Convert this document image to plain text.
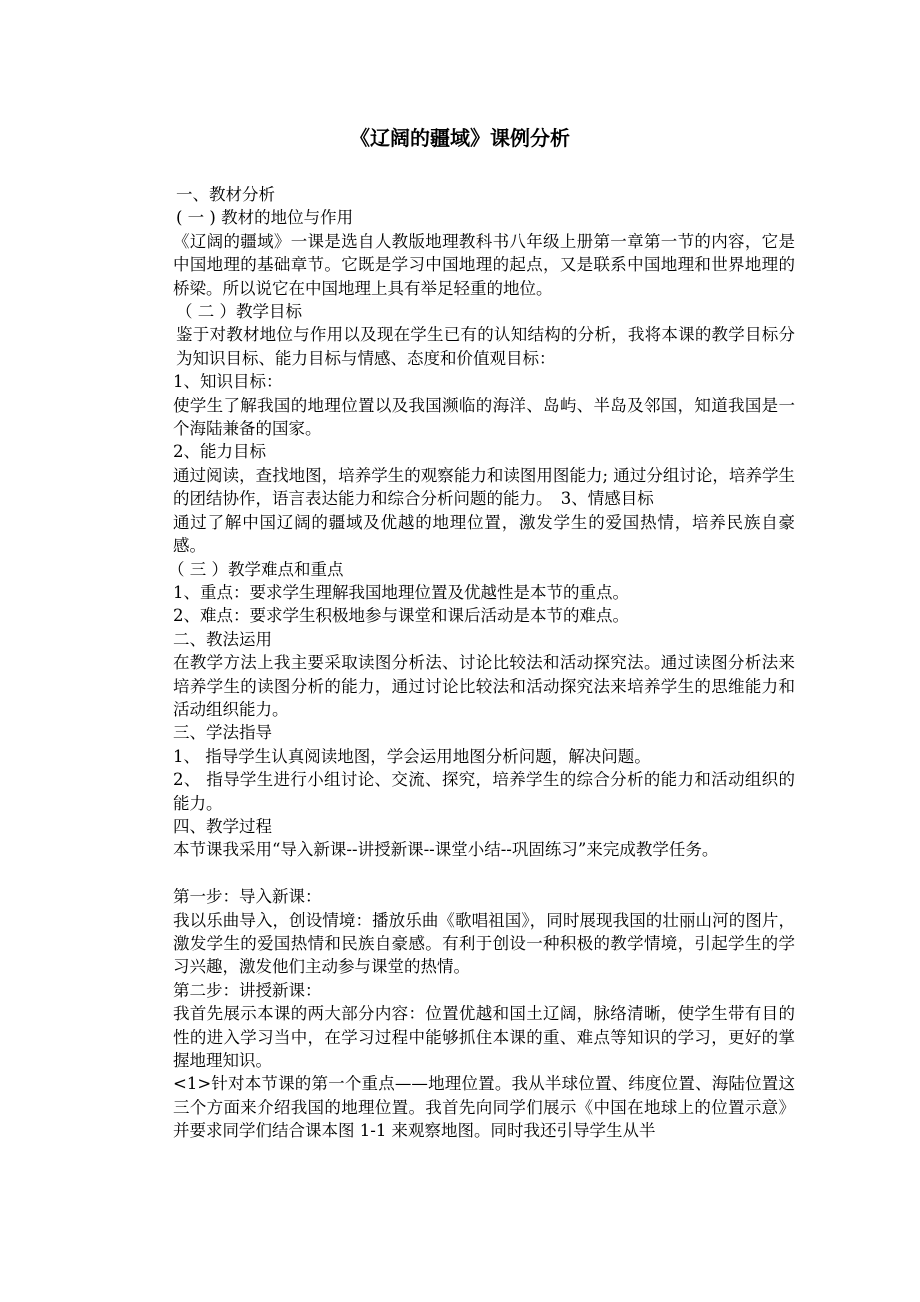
《辽阔的疆域》课例分析

一、教材分析

( 一 ) 教材的地位与作用

《辽阔的疆域》一课是选自人教版地理教科书八年级上册第一章第一节的内容，它是中国地理的基础章节。它既是学习中国地理的起点，又是联系中国地理和世界地理的桥梁。所以说它在中国地理上具有举足轻重的地位。

（ 二 ）教学目标

鉴于对教材地位与作用以及现在学生已有的认知结构的分析，我将本课的教学目标分为知识目标、能力目标与情感、态度和价值观目标：

1、知识目标：

使学生了解我国的地理位置以及我国濒临的海洋、岛屿、半岛及邻国，知道我国是一个海陆兼备的国家。

2、能力目标

通过阅读，查找地图，培养学生的观察能力和读图用图能力; 通过分组讨论，培养学生的团结协作，语言表达能力和综合分析问题的能力。　3、情感目标

通过了解中国辽阔的疆域及优越的地理位置，激发学生的爱国热情，培养民族自豪感。

（ 三 ）教学难点和重点

1、重点：要求学生理解我国地理位置及优越性是本节的重点。

2、难点：要求学生积极地参与课堂和课后活动是本节的难点。

二、教法运用

在教学方法上我主要采取读图分析法、讨论比较法和活动探究法。通过读图分析法来培养学生的读图分析的能力，通过讨论比较法和活动探究法来培养学生的思维能力和活动组织能力。

三、学法指导

1、 指导学生认真阅读地图，学会运用地图分析问题，解决问题。

2、 指导学生进行小组讨论、交流、探究，培养学生的综合分析的能力和活动组织的能力。

四、教学过程

本节课我采用“导入新课--讲授新课--课堂小结--巩固练习”来完成教学任务。

第一步：导入新课：

我以乐曲导入，创设情境：播放乐曲《歌唱祖国》，同时展现我国的壮丽山河的图片，激发学生的爱国热情和民族自豪感。有利于创设一种积极的教学情境，引起学生的学习兴趣，激发他们主动参与课堂的热情。

第二步：讲授新课：

我首先展示本课的两大部分内容：位置优越和国土辽阔，脉络清晰，使学生带有目的性的进入学习当中，在学习过程中能够抓住本课的重、难点等知识的学习，更好的掌握地理知识。

<1>针对本节课的第一个重点——地理位置。我从半球位置、纬度位置、海陆位置这三个方面来介绍我国的地理位置。我首先向同学们展示《中国在地球上的位置示意》并要求同学们结合课本图 1-1 来观察地图。同时我还引导学生从半
